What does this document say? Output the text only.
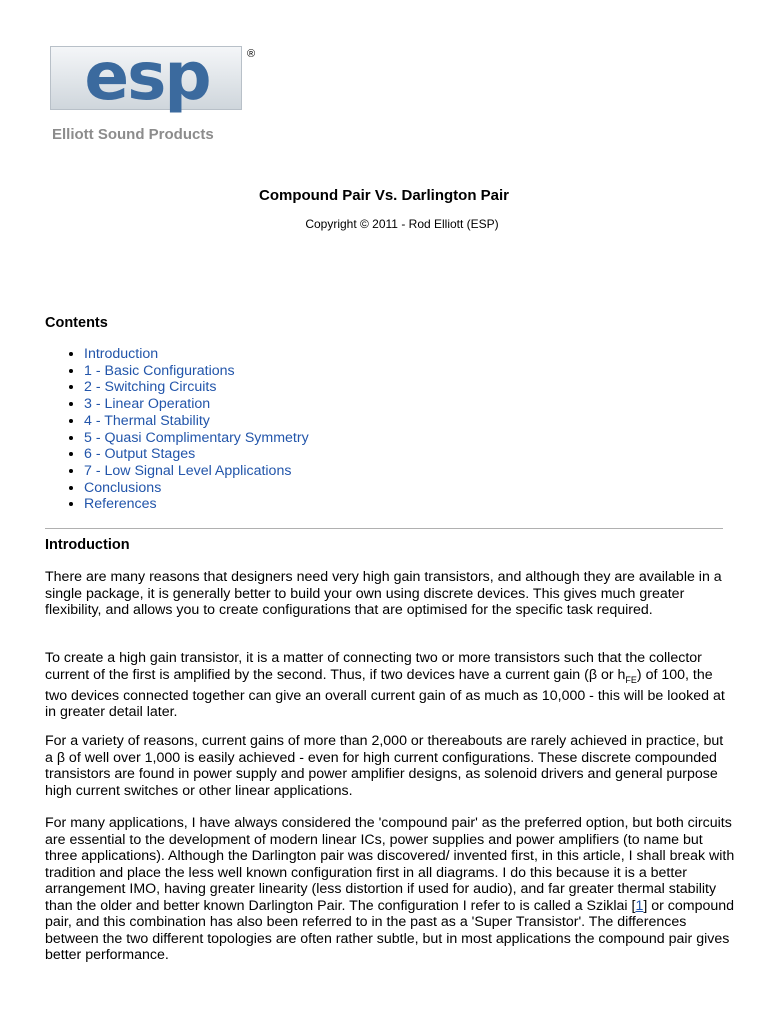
esp	®
Elliott Sound Products
Compound Pair Vs. Darlington Pair
Copyright © 2011 - Rod Elliott (ESP)
Contents
• Introduction
• 1 - Basic Configurations
• 2 - Switching Circuits
• 3 - Linear Operation
• 4 - Thermal Stability
• 5 - Quasi Complimentary Symmetry
• 6 - Output Stages
• 7 - Low Signal Level Applications
• Conclusions
• References
Introduction

There are many reasons that designers need very high gain transistors, and although they are available in a single package, it is generally better to build your own using discrete devices. This gives much greater flexibility, and allows you to create configurations that are optimised for the specific task required.

To create a high gain transistor, it is a matter of connecting two or more transistors such that the collector current of the first is amplified by the second. Thus, if two devices have a current gain (β or $h_{FE}$) of 100, the two devices connected together can give an overall current gain of as much as 10,000 - this will be looked at in greater detail later.

For a variety of reasons, current gains of more than 2,000 or thereabouts are rarely achieved in practice, but a β of well over 1,000 is easily achieved - even for high current configurations. These discrete compounded transistors are found in power supply and power amplifier designs, as solenoid drivers and general purpose high current switches or other linear applications.

For many applications, I have always considered the 'compound pair' as the preferred option, but both circuits are essential to the development of modern linear ICs, power supplies and power amplifiers (to name but three applications). Although the Darlington pair was discovered/ invented first, in this article, I shall break with tradition and place the less well known configuration first in all diagrams. I do this because it is a better arrangement IMO, having greater linearity (less distortion if used for audio), and far greater thermal stability than the older and better known Darlington Pair. The configuration I refer to is called a Sziklai [1] or compound pair, and this combination has also been referred to in the past as a 'Super Transistor'. The differences between the two different topologies are often rather subtle, but in most applications the compound pair gives better performance.
